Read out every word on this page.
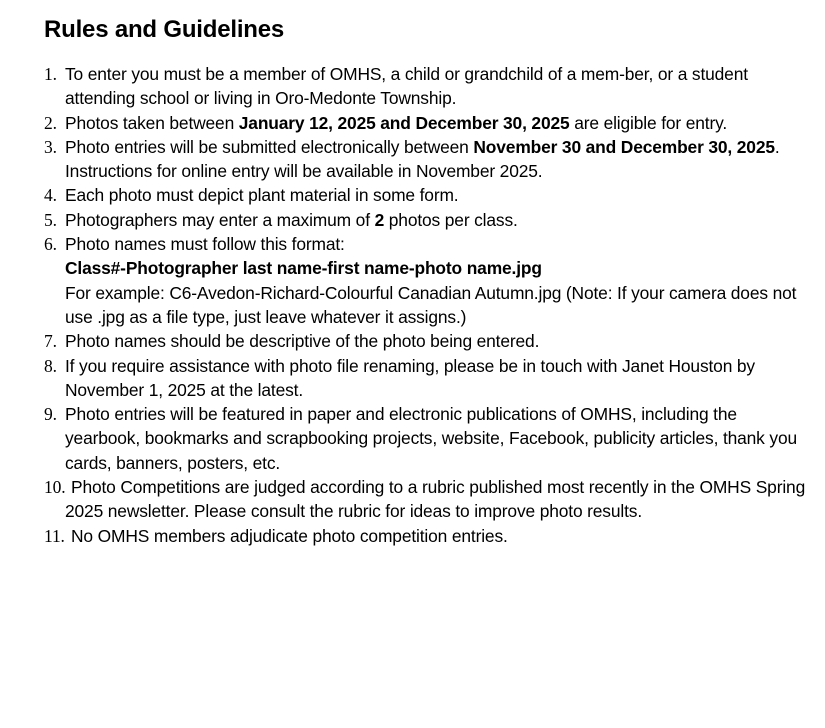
Rules and Guidelines
1. To enter you must be a member of OMHS, a child or grandchild of a mem-ber, or a student attending school or living in Oro-Medonte Township.
2. Photos taken between January 12, 2025 and December 30, 2025 are eligible for entry.
3. Photo entries will be submitted electronically between November 30 and December 30, 2025. Instructions for online entry will be available in November 2025.
4. Each photo must depict plant material in some form.
5. Photographers may enter a maximum of 2 photos per class.
6. Photo names must follow this format:
Class#-Photographer last name-first name-photo name.jpg
For example: C6-Avedon-Richard-Colourful Canadian Autumn.jpg (Note: If your camera does not use .jpg as a file type, just leave whatever it assigns.)
7. Photo names should be descriptive of the photo being entered.
8. If you require assistance with photo file renaming, please be in touch with Janet Houston by November 1, 2025 at the latest.
9. Photo entries will be featured in paper and electronic publications of OMHS, including the yearbook, bookmarks and scrapbooking projects, website, Facebook, publicity articles, thank you cards, banners, posters, etc.
10. Photo Competitions are judged according to a rubric published most recently in the OMHS Spring 2025 newsletter. Please consult the rubric for ideas to improve photo results.
11. No OMHS members adjudicate photo competition entries.
